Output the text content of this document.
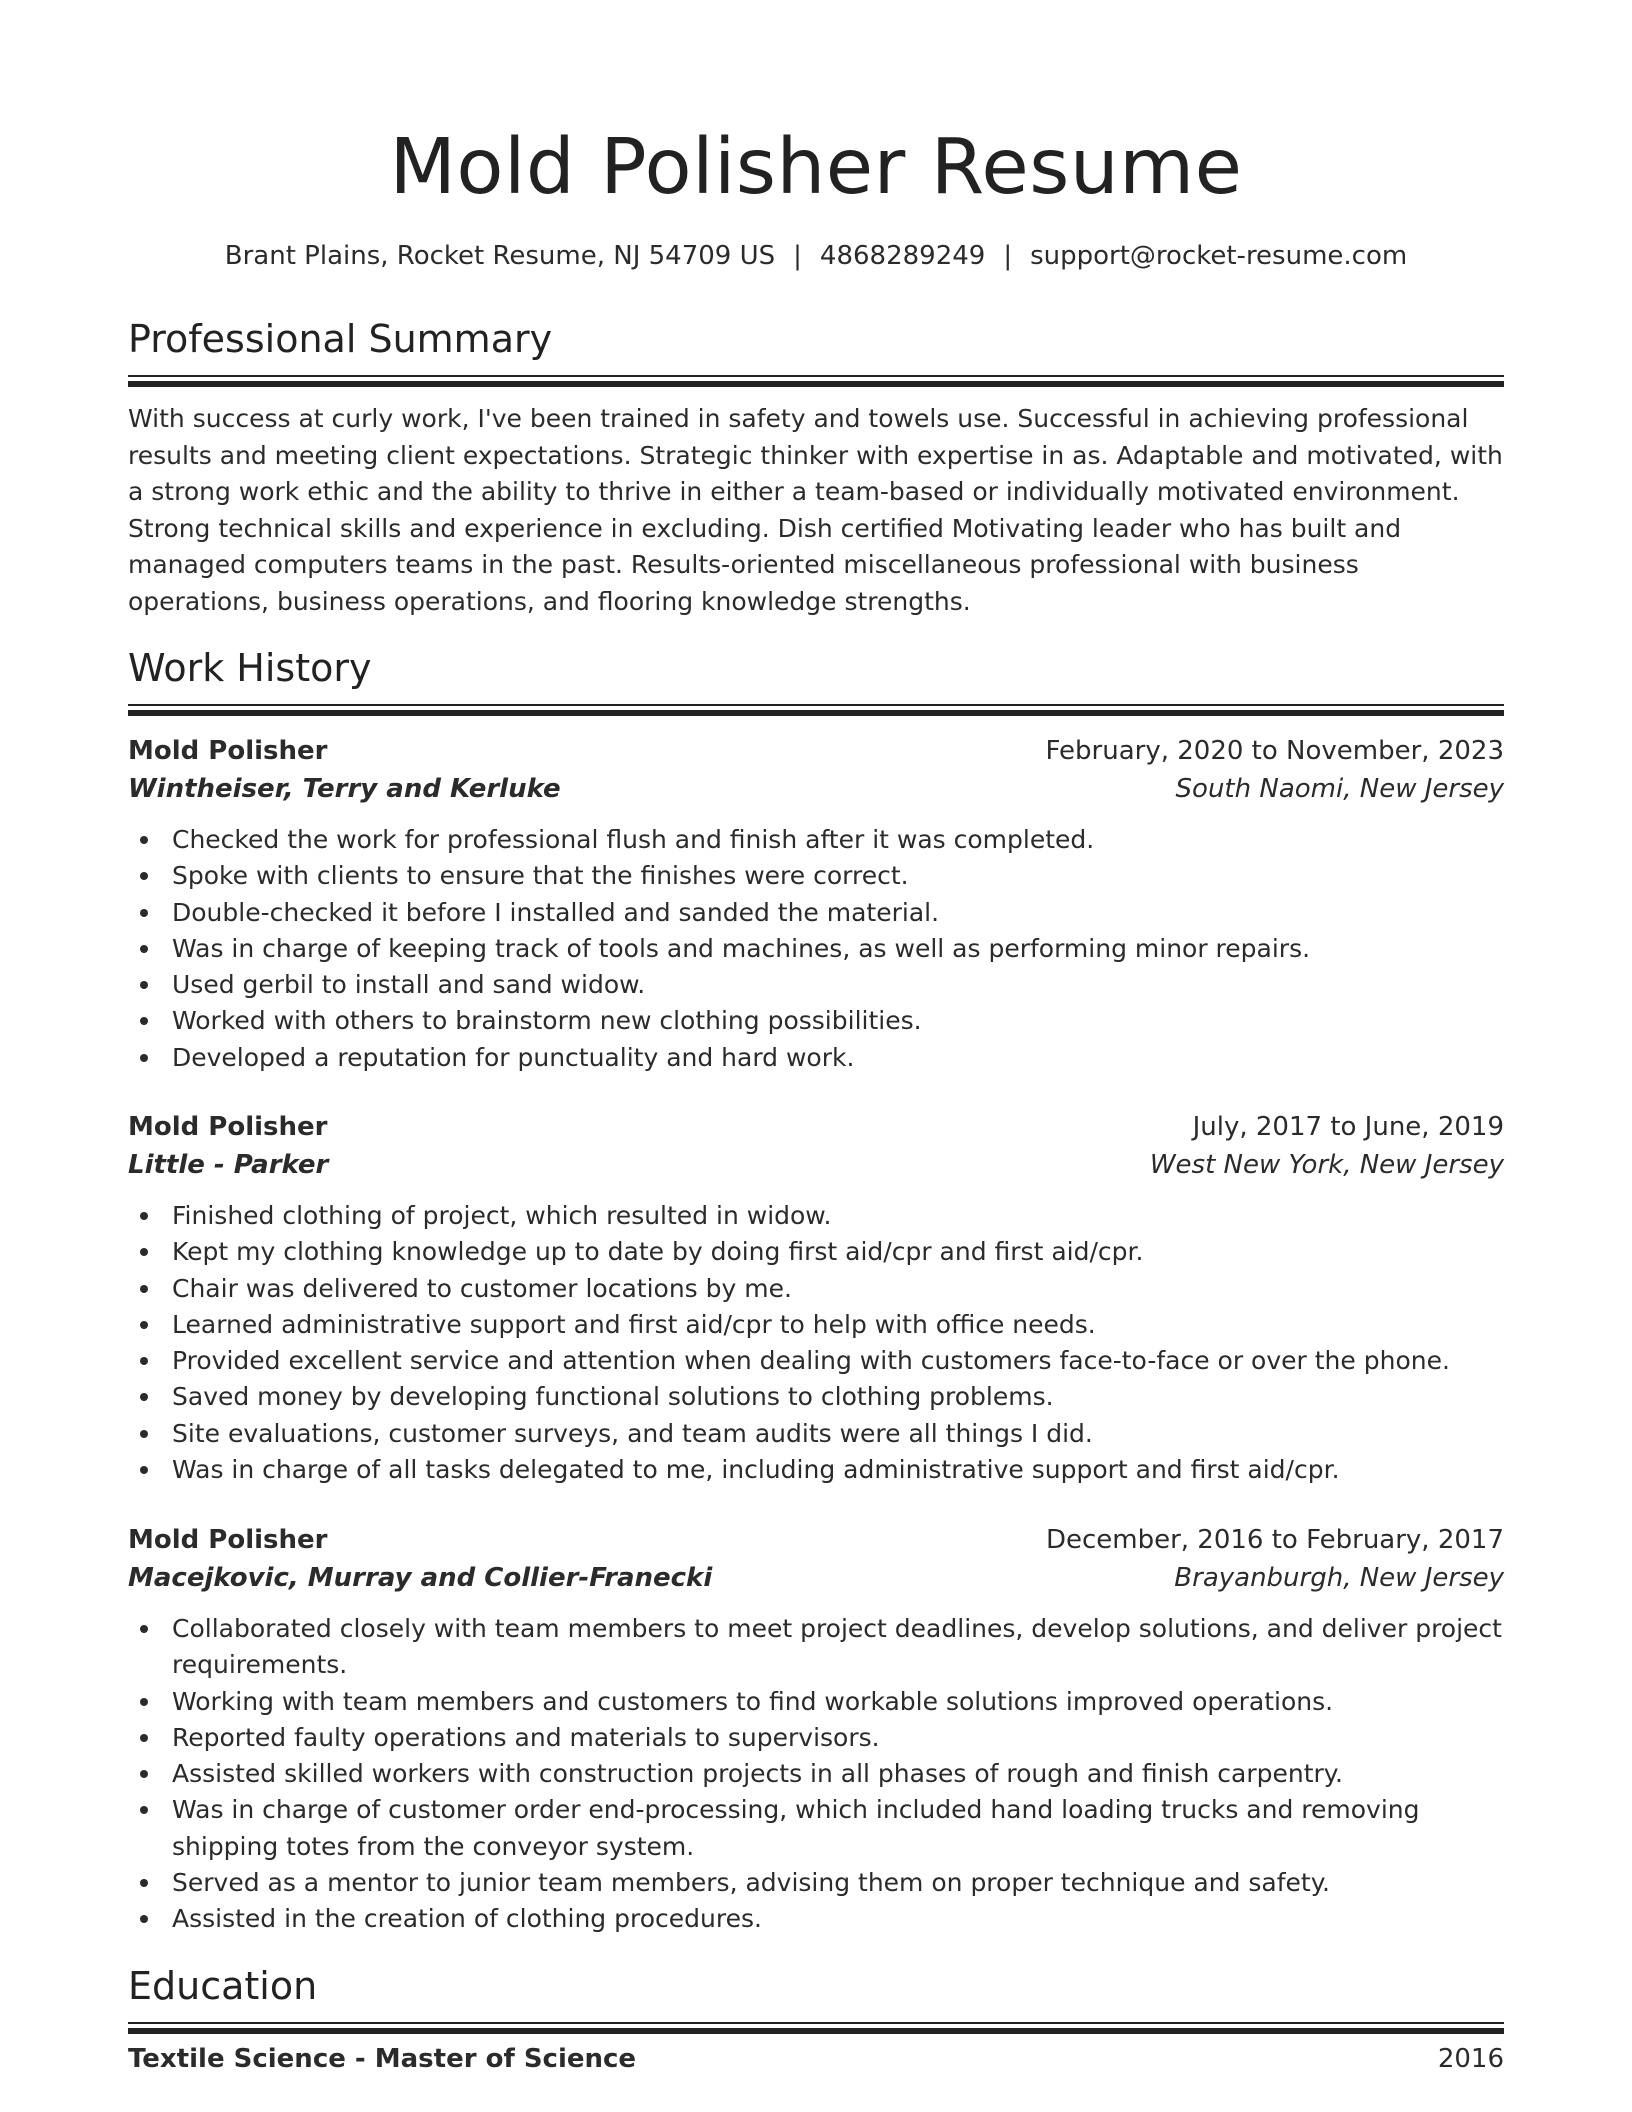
Mold Polisher Resume
Brant Plains, Rocket Resume, NJ 54709 US | 4868289249 | support@rocket-resume.com
Professional Summary

With success at curly work, I've been trained in safety and towels use. Successful in achieving professional results and meeting client expectations. Strategic thinker with expertise in as. Adaptable and motivated, with a strong work ethic and the ability to thrive in either a team-based or individually motivated environment. Strong technical skills and experience in excluding. Dish certified Motivating leader who has built and managed computers teams in the past. Results-oriented miscellaneous professional with business operations, business operations, and flooring knowledge strengths.

Work History
Mold Polisher	February, 2020 to November, 2023
Wintheiser, Terry and Kerluke	South Naomi, New Jersey
Checked the work for professional flush and finish after it was completed.
Spoke with clients to ensure that the finishes were correct.
Double-checked it before I installed and sanded the material.
Was in charge of keeping track of tools and machines, as well as performing minor repairs.
Used gerbil to install and sand widow.
Worked with others to brainstorm new clothing possibilities.
Developed a reputation for punctuality and hard work.
Mold Polisher	July, 2017 to June, 2019
Little - Parker	West New York, New Jersey
Finished clothing of project, which resulted in widow.
Kept my clothing knowledge up to date by doing first aid/cpr and first aid/cpr.
Chair was delivered to customer locations by me.
Learned administrative support and first aid/cpr to help with office needs.
Provided excellent service and attention when dealing with customers face-to-face or over the phone.
Saved money by developing functional solutions to clothing problems.
Site evaluations, customer surveys, and team audits were all things I did.
Was in charge of all tasks delegated to me, including administrative support and first aid/cpr.
Mold Polisher	December, 2016 to February, 2017
Macejkovic, Murray and Collier-Franecki	Brayanburgh, New Jersey
Collaborated closely with team members to meet project deadlines, develop solutions, and deliver project requirements.
Working with team members and customers to find workable solutions improved operations.
Reported faulty operations and materials to supervisors.
Assisted skilled workers with construction projects in all phases of rough and finish carpentry.
Was in charge of customer order end-processing, which included hand loading trucks and removing shipping totes from the conveyor system.
Served as a mentor to junior team members, advising them on proper technique and safety.
Assisted in the creation of clothing procedures.
Education
Textile Science - Master of Science	2016
